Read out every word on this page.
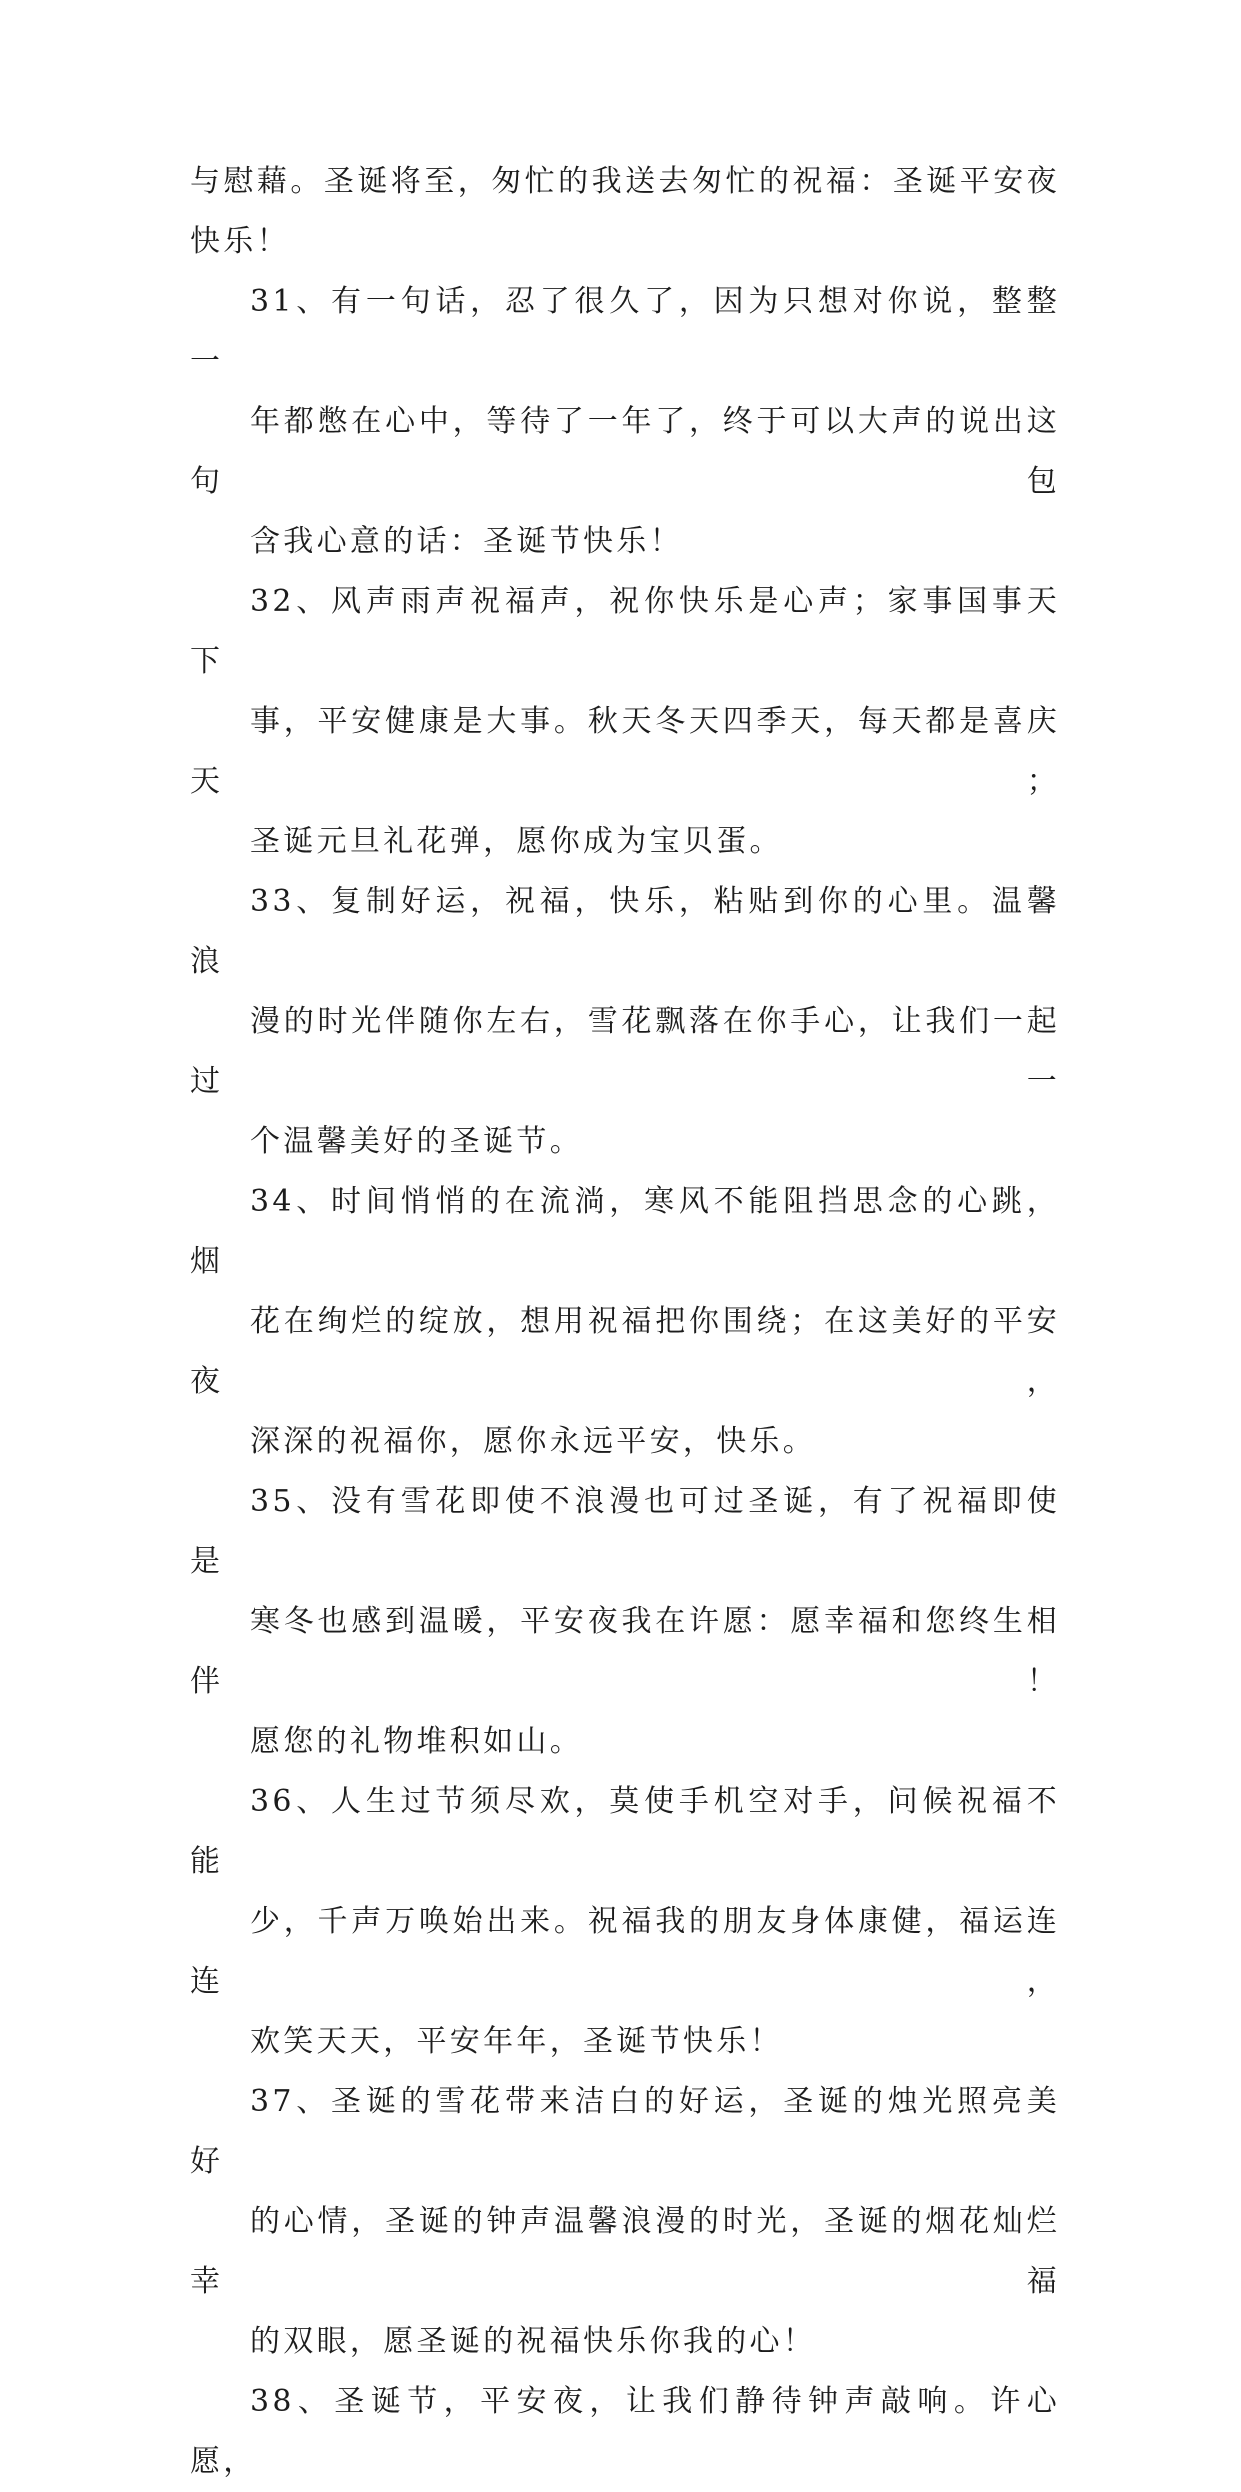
与慰藉。圣诞将至，匆忙的我送去匆忙的祝福：圣诞平安夜
快乐！

31、有一句话，忍了很久了，因为只想对你说，整整一
年都憋在心中，等待了一年了，终于可以大声的说出这句包
含我心意的话：圣诞节快乐！

32、风声雨声祝福声，祝你快乐是心声；家事国事天下
事，平安健康是大事。秋天冬天四季天，每天都是喜庆天；
圣诞元旦礼花弹，愿你成为宝贝蛋。

33、复制好运，祝福，快乐，粘贴到你的心里。温馨浪
漫的时光伴随你左右，雪花飘落在你手心，让我们一起过一
个温馨美好的圣诞节。

34、时间悄悄的在流淌，寒风不能阻挡思念的心跳，烟
花在绚烂的绽放，想用祝福把你围绕；在这美好的平安夜，
深深的祝福你，愿你永远平安，快乐。

35、没有雪花即使不浪漫也可过圣诞，有了祝福即使是
寒冬也感到温暖，平安夜我在许愿：愿幸福和您终生相伴！
愿您的礼物堆积如山。

36、人生过节须尽欢，莫使手机空对手，问候祝福不能
少，千声万唤始出来。祝福我的朋友身体康健，福运连连，
欢笑天天，平安年年，圣诞节快乐！

37、圣诞的雪花带来洁白的好运，圣诞的烛光照亮美好
的心情，圣诞的钟声温馨浪漫的时光，圣诞的烟花灿烂幸福
的双眼，愿圣诞的祝福快乐你我的心！

38、圣诞节，平安夜，让我们静待钟声敲响。许心愿，
